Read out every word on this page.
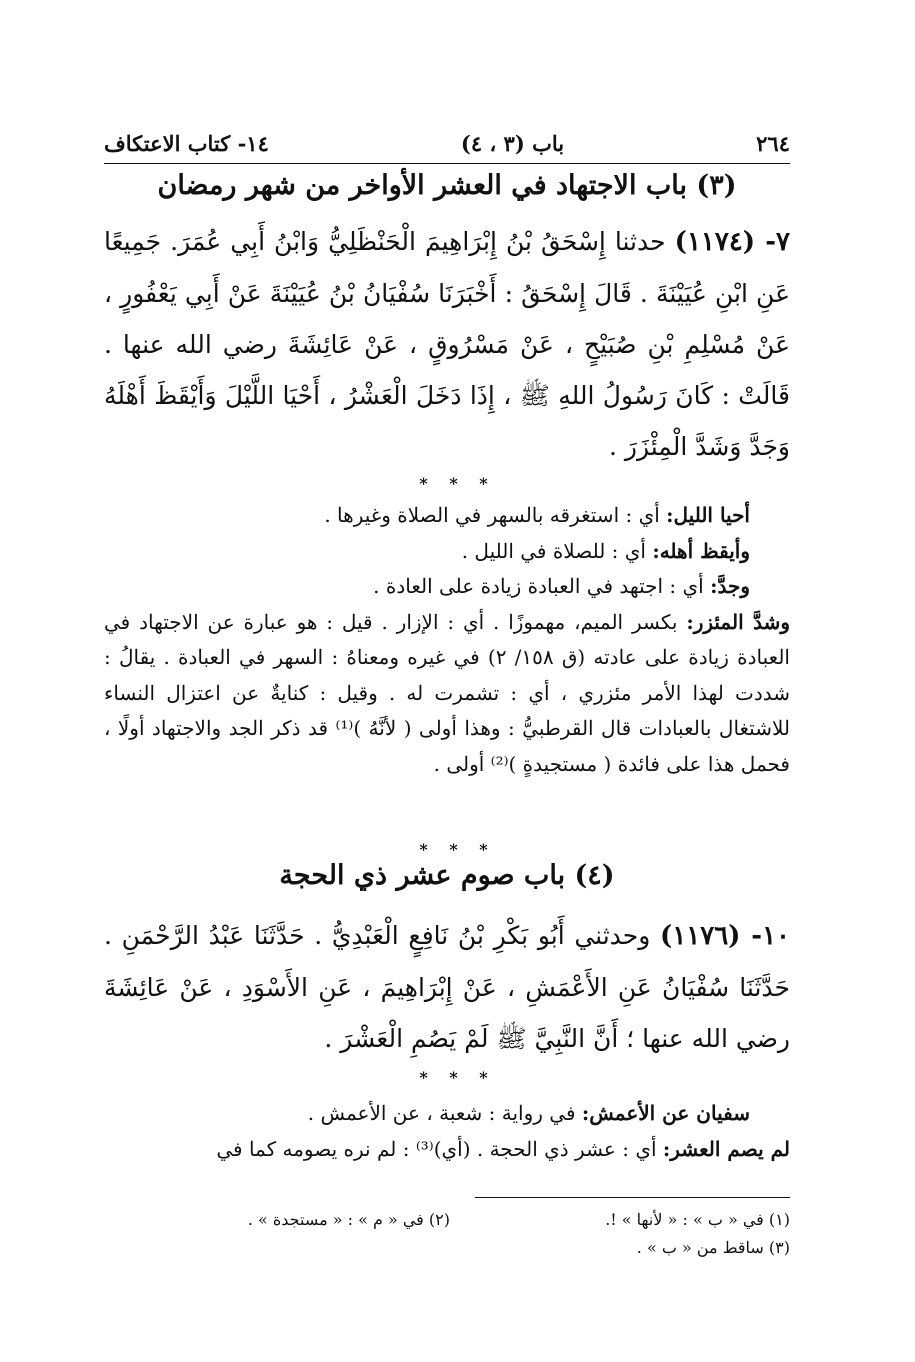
٢٦٤
باب (٣ ، ٤)
١٤- كتاب الاعتكاف
(٣) باب الاجتهاد في العشر الأواخر من شهر رمضان
٧- (١١٧٤) حدثنا إِسْحَقُ بْنُ إِبْرَاهِيمَ الْحَنْظَلِيُّ وَابْنُ أَبِي عُمَرَ. جَمِيعًا عَنِ ابْنِ عُيَيْنَةَ . قَالَ إِسْحَقُ : أَخْبَرَنَا سُفْيَانُ بْنُ عُيَيْنَةَ عَنْ أَبِي يَعْفُورٍ ، عَنْ مُسْلِمِ بْنِ صُبَيْحٍ ، عَنْ مَسْرُوقٍ ، عَنْ عَائِشَةَ رضي الله عنها . قَالَتْ : كَانَ رَسُولُ اللهِ ﷺ ، إِذَا دَخَلَ الْعَشْرُ ، أَحْيَا اللَّيْلَ وَأَيْقَظَ أَهْلَهُ وَجَدَّ وَشَدَّ الْمِئْزَرَ .
* * *
أحيا الليل: أي : استغرقه بالسهر في الصلاة وغيرها .
وأيقظ أهله: أي : للصلاة في الليل .
وجدَّ: أي : اجتهد في العبادة زيادة على العادة .
وشدَّ المئزر: بكسر الميم، مهموزًا . أي : الإزار . قيل : هو عبارة عن الاجتهاد في العبادة زيادة على عادته (ق ١٥٨/ ٢) في غيره ومعناهُ : السهر في العبادة . يقالُ : شددت لهذا الأمر مئزري ، أي : تشمرت له . وقيل : كنايةٌ عن اعتزال النساء للاشتغال بالعبادات قال القرطبيُّ : وهذا أولى ( لأنَّهُ )⁽¹⁾ قد ذكر الجد والاجتهاد أولًا ، فحمل هذا على فائدة ( مستجيدةٍ )⁽²⁾ أولى .
* * *
(٤) باب صوم عشر ذي الحجة
١٠- (١١٧٦) وحدثني أَبُو بَكْرِ بْنُ نَافِعٍ الْعَبْدِيُّ . حَدَّثَنَا عَبْدُ الرَّحْمَنِ . حَدَّثَنَا سُفْيَانُ عَنِ الأَعْمَشِ ، عَنْ إِبْرَاهِيمَ ، عَنِ الأَسْوَدِ ، عَنْ عَائِشَةَ رضي الله عنها ؛ أَنَّ النَّبِيَّ ﷺ لَمْ يَصُمِ الْعَشْرَ .
* * *
سفيان عن الأعمش: في رواية : شعبة ، عن الأعمش .
لم يصم العشر: أي : عشر ذي الحجة . (أي)⁽³⁾ : لم نره يصومه كما في
(١) في « ب » : « لأنها » !.
(٢) في « م » : « مستجدة » .
(٣) ساقط من « ب » .
